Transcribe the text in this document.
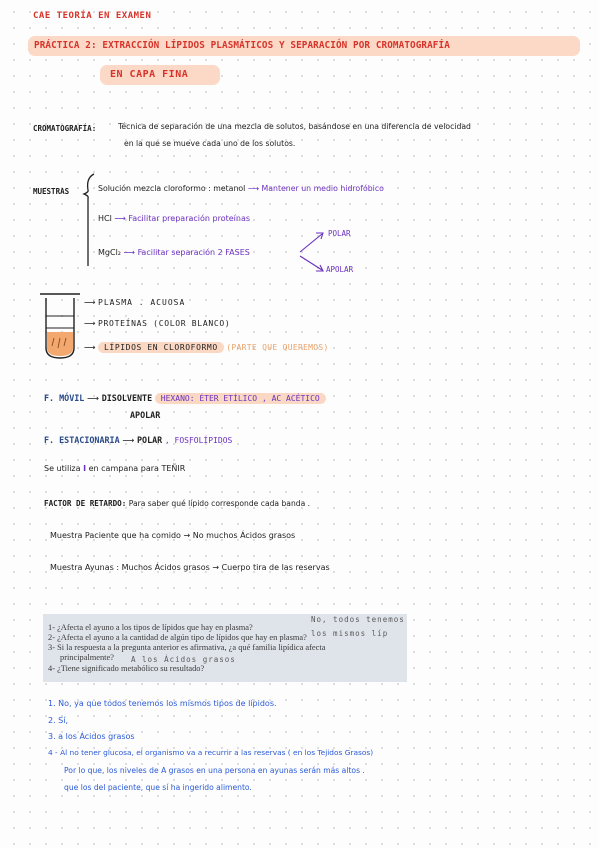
CAE TEORÍA EN EXAMEN
PRÁCTICA 2: EXTRACCIÓN LÍPIDOS PLASMÁTICOS Y SEPARACIÓN POR CROMATOGRAFÍA
EN CAPA FINA
CROMATOGRAFÍA:	Técnica de separación de una mezcla de solutos, basándose en una diferencia de velocidad
en la que se mueve cada uno de los solutos.
MUESTRAS	Solución mezcla cloroformo : metanol ⟶ Mantener un medio hidrofóbico
HCl ⟶ Facilitar preparación proteínas
MgCl₂ ⟶ Facilitar separación 2 FASES
POLAR
APOLAR
⟶ PLASMA . ACUOSA
⟶ PROTEÍNAS (COLOR BLANCO)
⟶ LÍPIDOS EN CLOROFORMO (PARTE QUE QUEREMOS)
F. MÓVIL ⟶ DISOLVENTE HEXANO: ÉTER ETÍLICO , AC ACÉTICO
APOLAR
F. ESTACIONARIA ⟶ POLAR , FOSFOLÍPIDOS
Se utiliza I en campana para TEÑIR
FACTOR DE RETARDO: Para saber qué lípido corresponde cada banda .
Muestra Paciente que ha comido → No muchos Ácidos grasos
Muestra Ayunas : Muchos Ácidos grasos → Cuerpo tira de las reservas
1- ¿Afecta el ayuno a los tipos de lípidos que hay en plasma?
2- ¿Afecta el ayuno a la cantidad de algún tipo de lípidos que hay en plasma?
3- Si la respuesta a la pregunta anterior es afirmativa, ¿a qué familia lipídica afecta
principalmente?
4- ¿Tiene significado metabólico su resultado?
No, todos tenemos
los mismos líp
A los Ácidos grasos
1. No, ya que todos tenemos los mismos tipos de lípidos.
2. Sí,
3. a los Ácidos grasos
4 - Al no tener glucosa, el organismo va a recurrir a las reservas ( en los Tejidos Grasos)
Por lo que, los niveles de A grasos en una persona en ayunas serán más altos .
que los del paciente, que sí ha ingerido alimento.
